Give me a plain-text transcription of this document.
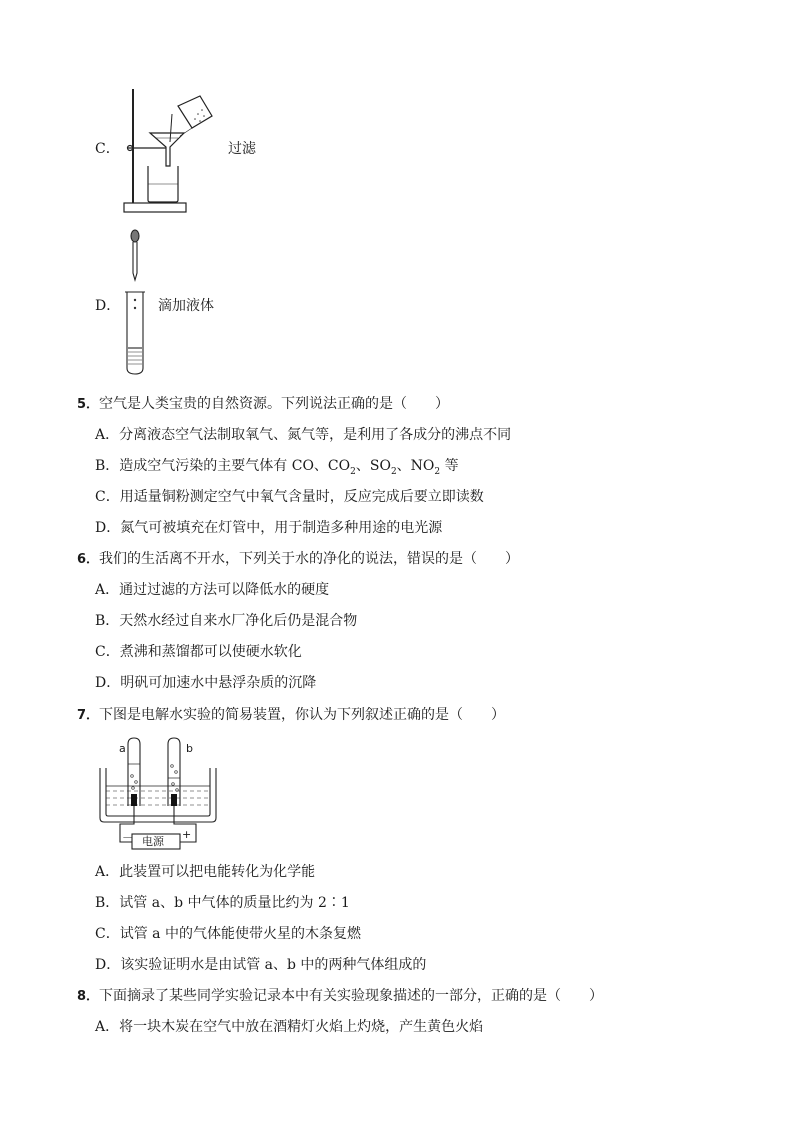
C．	过滤
D．	滴加液体
5．空气是人类宝贵的自然资源。下列说法正确的是（　　）
A．分离液态空气法制取氧气、氮气等，是利用了各成分的沸点不同
B．造成空气污染的主要气体有 CO、$CO_2$、$SO_2$、$NO_2$ 等
C．用适量铜粉测定空气中氧气含量时，反应完成后要立即读数
D．氮气可被填充在灯管中，用于制造多种用途的电光源
6．我们的生活离不开水，下列关于水的净化的说法，错误的是（　　）
A．通过过滤的方法可以降低水的硬度
B．天然水经过自来水厂净化后仍是混合物
C．煮沸和蒸馏都可以使硬水软化
D．明矾可加速水中悬浮杂质的沉降
7．下图是电解水实验的简易装置，你认为下列叙述正确的是（　　）
a	b
电源
－	+
A．此装置可以把电能转化为化学能
B．试管 a、b 中气体的质量比约为 2∶1
C．试管 a 中的气体能使带火星的木条复燃
D．该实验证明水是由试管 a、b 中的两种气体组成的
8．下面摘录了某些同学实验记录本中有关实验现象描述的一部分，正确的是（　　）
A．将一块木炭在空气中放在酒精灯火焰上灼烧，产生黄色火焰
